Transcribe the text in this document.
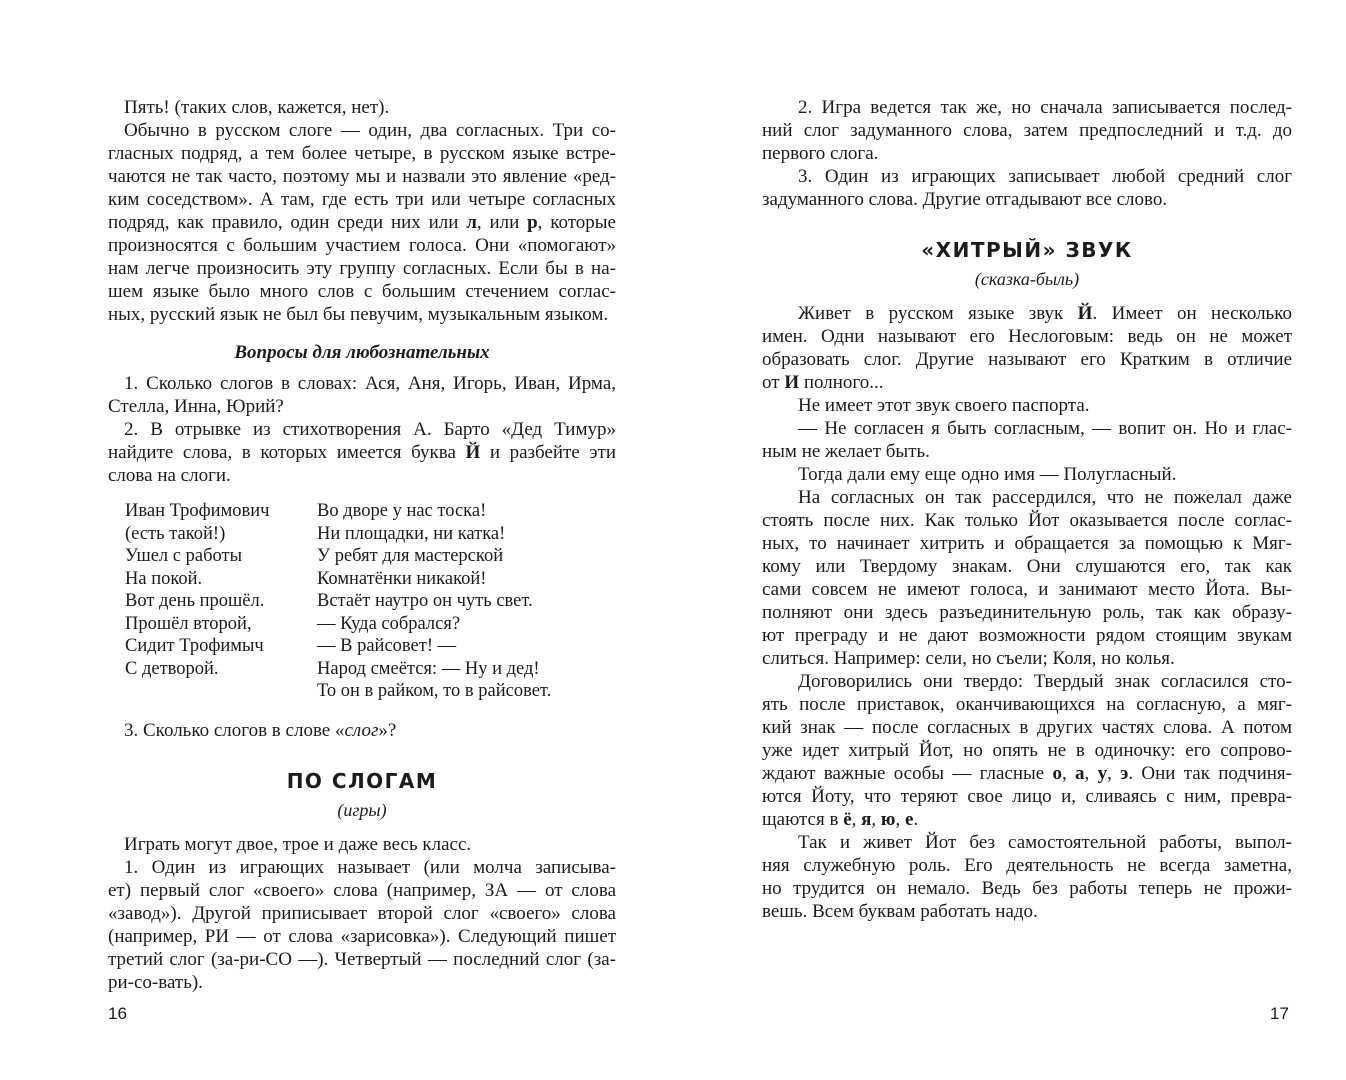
Пять! (таких слов, кажется, нет).
Обычно в русском слоге — один, два согласных. Три со-
гласных подряд, а тем более четыре, в русском языке встре-
чаются не так часто, поэтому мы и назвали это явление «ред-
ким соседством». А там, где есть три или четыре согласных
подряд, как правило, один среди них или л, или р, которые
произносятся с большим участием голоса. Они «помогают»
нам легче произносить эту группу согласных. Если бы в на-
шем языке было много слов с большим стечением соглас-
ных, русский язык не был бы певучим, музыкальным языком.
Вопросы для любознательных
1. Сколько слогов в словах: Ася, Аня, Игорь, Иван, Ирма,
Стелла, Инна, Юрий?
2. В отрывке из стихотворения А. Барто «Дед Тимур»
найдите слова, в которых имеется буква Й и разбейте эти
слова на слоги.
Иван Трофимович
(есть такой!)
Ушел с работы
На покой.
Вот день прошёл.
Прошёл второй,
Сидит Трофимыч
С детворой.
Во дворе у нас тоска!
Ни площадки, ни катка!
У ребят для мастерской
Комнатёнки никакой!
Встаёт наутро он чуть свет.
— Куда собрался?
— В райсовет! —
Народ смеётся: — Ну и дед!
То он в райком, то в райсовет.
3. Сколько слогов в слове «слог»?
ПО СЛОГАМ
(игры)
Играть могут двое, трое и даже весь класс.
1. Один из играющих называет (или молча записыва-
ет) первый слог «своего» слова (например, ЗА — от слова
«завод»). Другой приписывает второй слог «своего» слова
(например, РИ — от слова «зарисовка»). Следующий пишет
третий слог (за-ри-СО —). Четвертый — последний слог (за-
ри-со-вать).
16
2. Игра ведется так же, но сначала записывается послед-
ний слог задуманного слова, затем предпоследний и т.д. до
первого слога.
3. Один из играющих записывает любой средний слог
задуманного слова. Другие отгадывают все слово.
«ХИТРЫЙ» ЗВУК
(сказка-быль)
Живет в русском языке звук Й. Имеет он несколько
имен. Одни называют его Неслоговым: ведь он не может
образовать слог. Другие называют его Кратким в отличие
от И полного...
Не имеет этот звук своего паспорта.
— Не согласен я быть согласным, — вопит он. Но и глас-
ным не желает быть.
Тогда дали ему еще одно имя — Полугласный.
На согласных он так рассердился, что не пожелал даже
стоять после них. Как только Йот оказывается после соглас-
ных, то начинает хитрить и обращается за помощью к Мяг-
кому или Твердому знакам. Они слушаются его, так как
сами совсем не имеют голоса, и занимают место Йота. Вы-
полняют они здесь разъединительную роль, так как образу-
ют преграду и не дают возможности рядом стоящим звукам
слиться. Например: сели, но съели; Коля, но колья.
Договорились они твердо: Твердый знак согласился сто-
ять после приставок, оканчивающихся на согласную, а мяг-
кий знак — после согласных в других частях слова. А потом
уже идет хитрый Йот, но опять не в одиночку: его сопрово-
ждают важные особы — гласные о, а, у, э. Они так подчиня-
ются Йоту, что теряют свое лицо и, сливаясь с ним, превра-
щаются в ё, я, ю, е.
Так и живет Йот без самостоятельной работы, выпол-
няя служебную роль. Его деятельность не всегда заметна,
но трудится он немало. Ведь без работы теперь не прожи-
вешь. Всем буквам работать надо.
17
